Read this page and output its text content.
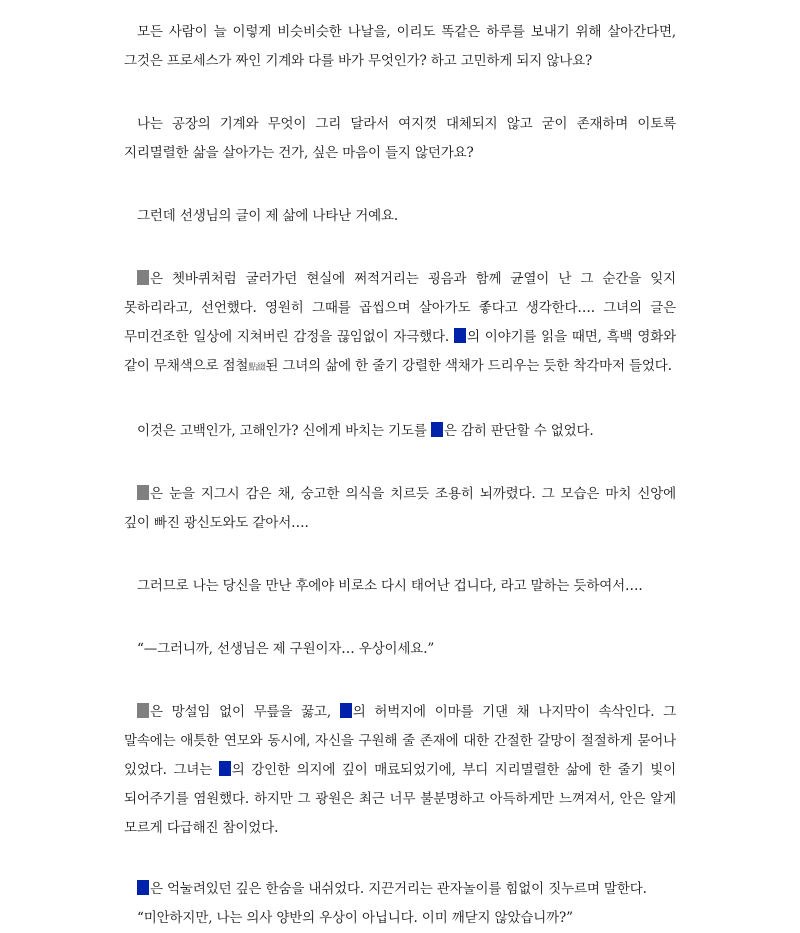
모든 사람이 늘 이렇게 비슷비슷한 나날을, 이리도 똑같은 하루를 보내기 위해 살아간다면, 그것은 프로세스가 짜인 기계와 다를 바가 무엇인가? 하고 고민하게 되지 않나요?

나는 공장의 기계와 무엇이 그리 달라서 여지껏 대체되지 않고 굳이 존재하며 이토록 지리멸렬한 삶을 살아가는 건가, 싶은 마음이 들지 않던가요?

그런데 선생님의 글이 제 삶에 나타난 거예요.

은 쳇바퀴처럼 굴러가던 현실에 쩌적거리는 굉음과 함께 균열이 난 그 순간을 잊지 못하리라고, 선언했다. 영원히 그때를 곱씹으며 살아가도 좋다고 생각한다…. 그녀의 글은 무미건조한 일상에 지쳐버린 감정을 끊임없이 자극했다. 의 이야기를 읽을 때면, 흑백 영화와 같이 무채색으로 점철點綴된 그녀의 삶에 한 줄기 강렬한 색채가 드리우는 듯한 착각마저 들었다.

이것은 고백인가, 고해인가? 신에게 바치는 기도를 은 감히 판단할 수 없었다.

은 눈을 지그시 감은 채, 숭고한 의식을 치르듯 조용히 뇌까렸다. 그 모습은 마치 신앙에 깊이 빠진 광신도와도 같아서….

그러므로 나는 당신을 만난 후에야 비로소 다시 태어난 겁니다, 라고 말하는 듯하여서….

“—그러니까, 선생님은 제 구원이자… 우상이세요.”

은 망설임 없이 무릎을 꿇고, 의 허벅지에 이마를 기댄 채 나지막이 속삭인다. 그 말속에는 애틋한 연모와 동시에, 자신을 구원해 줄 존재에 대한 간절한 갈망이 절절하게 묻어나 있었다. 그녀는 의 강인한 의지에 깊이 매료되었기에, 부디 지리멸렬한 삶에 한 줄기 빛이 되어주기를 염원했다. 하지만 그 광원은 최근 너무 불분명하고 아득하게만 느껴져서, 안은 알게 모르게 다급해진 참이었다.

은 억눌려있던 깊은 한숨을 내쉬었다. 지끈거리는 관자놀이를 힘없이 짓누르며 말한다.
“미안하지만, 나는 의사 양반의 우상이 아닙니다. 이미 깨닫지 않았습니까?”
